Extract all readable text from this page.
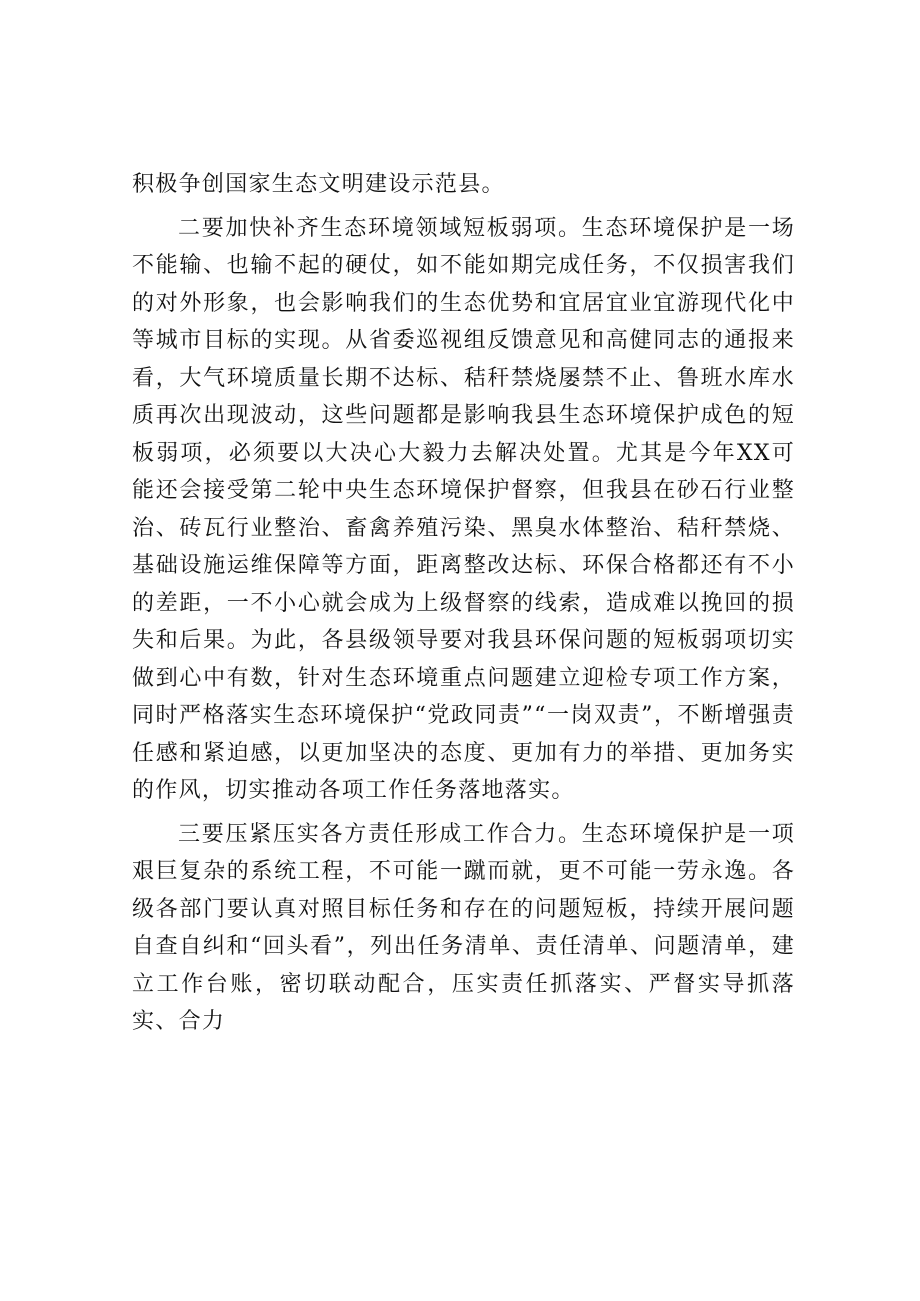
积极争创国家生态文明建设示范县。

二要加快补齐生态环境领域短板弱项。生态环境保护是一场不能输、也输不起的硬仗，如不能如期完成任务，不仅损害我们的对外形象，也会影响我们的生态优势和宜居宜业宜游现代化中等城市目标的实现。从省委巡视组反馈意见和高健同志的通报来看，大气环境质量长期不达标、秸秆禁烧屡禁不止、鲁班水库水质再次出现波动，这些问题都是影响我县生态环境保护成色的短板弱项，必须要以大决心大毅力去解决处置。尤其是今年XX可能还会接受第二轮中央生态环境保护督察，但我县在砂石行业整治、砖瓦行业整治、畜禽养殖污染、黑臭水体整治、秸秆禁烧、基础设施运维保障等方面，距离整改达标、环保合格都还有不小的差距，一不小心就会成为上级督察的线索，造成难以挽回的损失和后果。为此，各县级领导要对我县环保问题的短板弱项切实做到心中有数，针对生态环境重点问题建立迎检专项工作方案，同时严格落实生态环境保护“党政同责”“一岗双责”，不断增强责任感和紧迫感，以更加坚决的态度、更加有力的举措、更加务实的作风，切实推动各项工作任务落地落实。

三要压紧压实各方责任形成工作合力。生态环境保护是一项艰巨复杂的系统工程，不可能一蹴而就，更不可能一劳永逸。各级各部门要认真对照目标任务和存在的问题短板，持续开展问题自查自纠和“回头看”，列出任务清单、责任清单、问题清单，建立工作台账，密切联动配合，压实责任抓落实、严督实导抓落实、合力
